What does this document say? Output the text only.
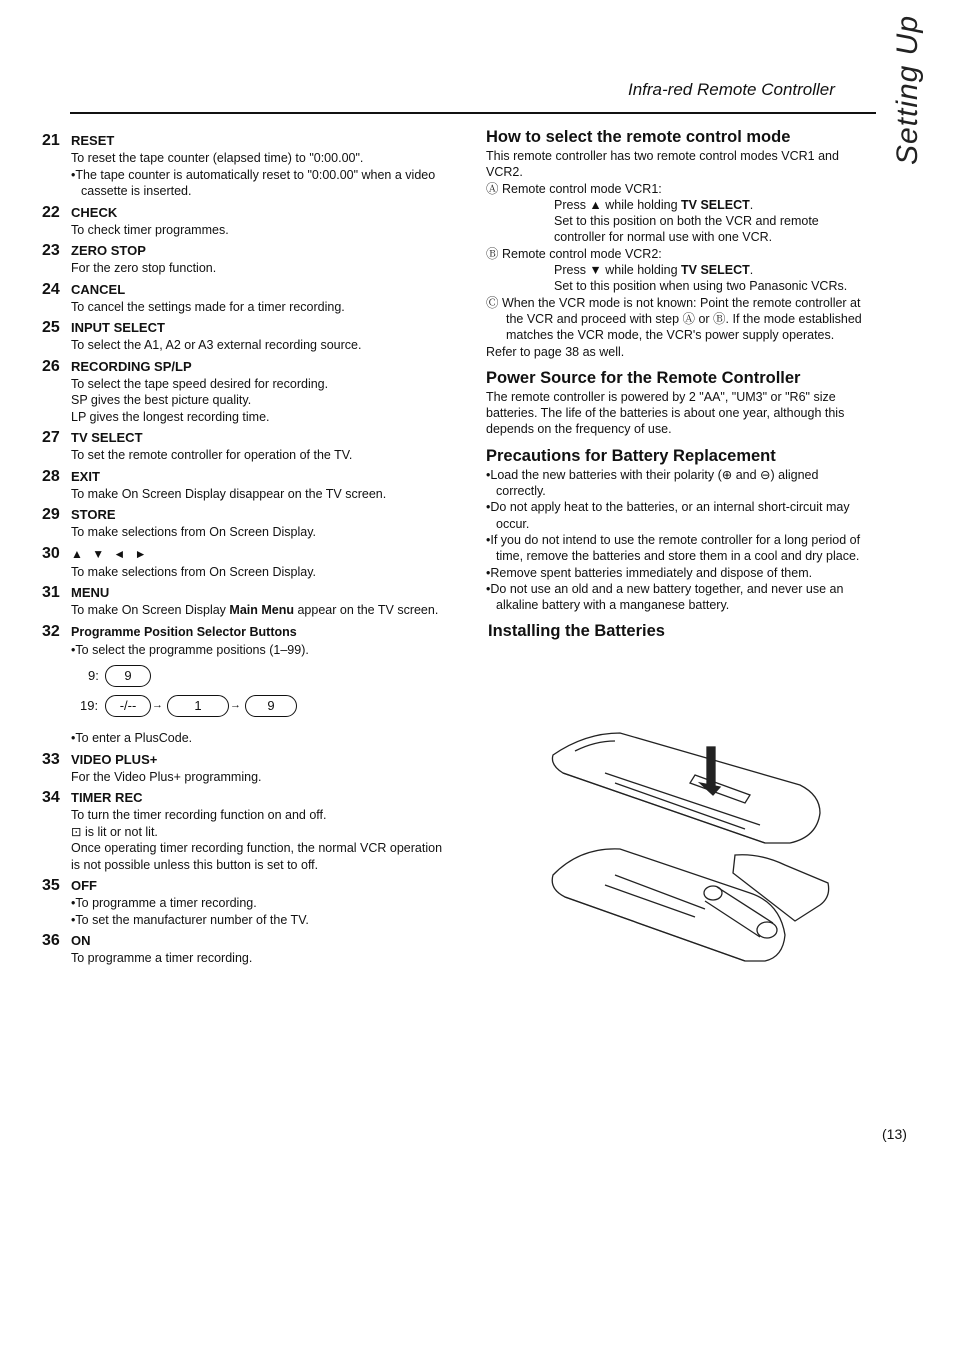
Infra-red Remote Controller Setting Up
21 RESET
To reset the tape counter (elapsed time) to "0:00.00".
•The tape counter is automatically reset to "0:00.00" when a video cassette is inserted.
22 CHECK
To check timer programmes.
23 ZERO STOP
For the zero stop function.
24 CANCEL
To cancel the settings made for a timer recording.
25 INPUT SELECT
To select the A1, A2 or A3 external recording source.
26 RECORDING SP/LP
To select the tape speed desired for recording.
SP gives the best picture quality.
LP gives the longest recording time.
27 TV SELECT
To set the remote controller for operation of the TV.
28 EXIT
To make On Screen Display disappear on the TV screen.
29 STORE
To make selections from On Screen Display.
30 ▲ ▼ ◄ ►
To make selections from On Screen Display.
31 MENU
To make On Screen Display Main Menu appear on the TV screen.
32 Programme Position Selector Buttons
•To select the programme positions (1–99).
9:	9
19:	-/--	→	1	→	9
•To enter a PlusCode.
33 VIDEO PLUS+
For the Video Plus+ programming.
34 TIMER REC
To turn the timer recording function on and off.
⊡ is lit or not lit.
Once operating timer recording function, the normal VCR operation is not possible unless this button is set to off.
35 OFF
•To programme a timer recording.
•To set the manufacturer number of the TV.
36 ON
To programme a timer recording.
How to select the remote control mode
This remote controller has two remote control modes VCR1 and VCR2.
Ⓐ Remote control mode VCR1:
Press ▲ while holding TV SELECT.
Set to this position on both the VCR and remote controller for normal use with one VCR.
Ⓑ Remote control mode VCR2:
Press ▼ while holding TV SELECT.
Set to this position when using two Panasonic VCRs.
Ⓒ When the VCR mode is not known: Point the remote controller at the VCR and proceed with step Ⓐ or Ⓑ. If the mode established matches the VCR mode, the VCR's power supply operates.
Refer to page 38 as well.
Power Source for the Remote Controller
The remote controller is powered by 2 "AA", "UM3" or "R6" size batteries. The life of the batteries is about one year, although this depends on the frequency of use.
Precautions for Battery Replacement
•Load the new batteries with their polarity (⊕ and ⊖) aligned correctly.
•Do not apply heat to the batteries, or an internal short-circuit may occur.
•If you do not intend to use the remote controller for a long period of time, remove the batteries and store them in a cool and dry place.
•Remove spent batteries immediately and dispose of them.
•Do not use an old and a new battery together, and never use an alkaline battery with a manganese battery.
Installing the Batteries
(13)
